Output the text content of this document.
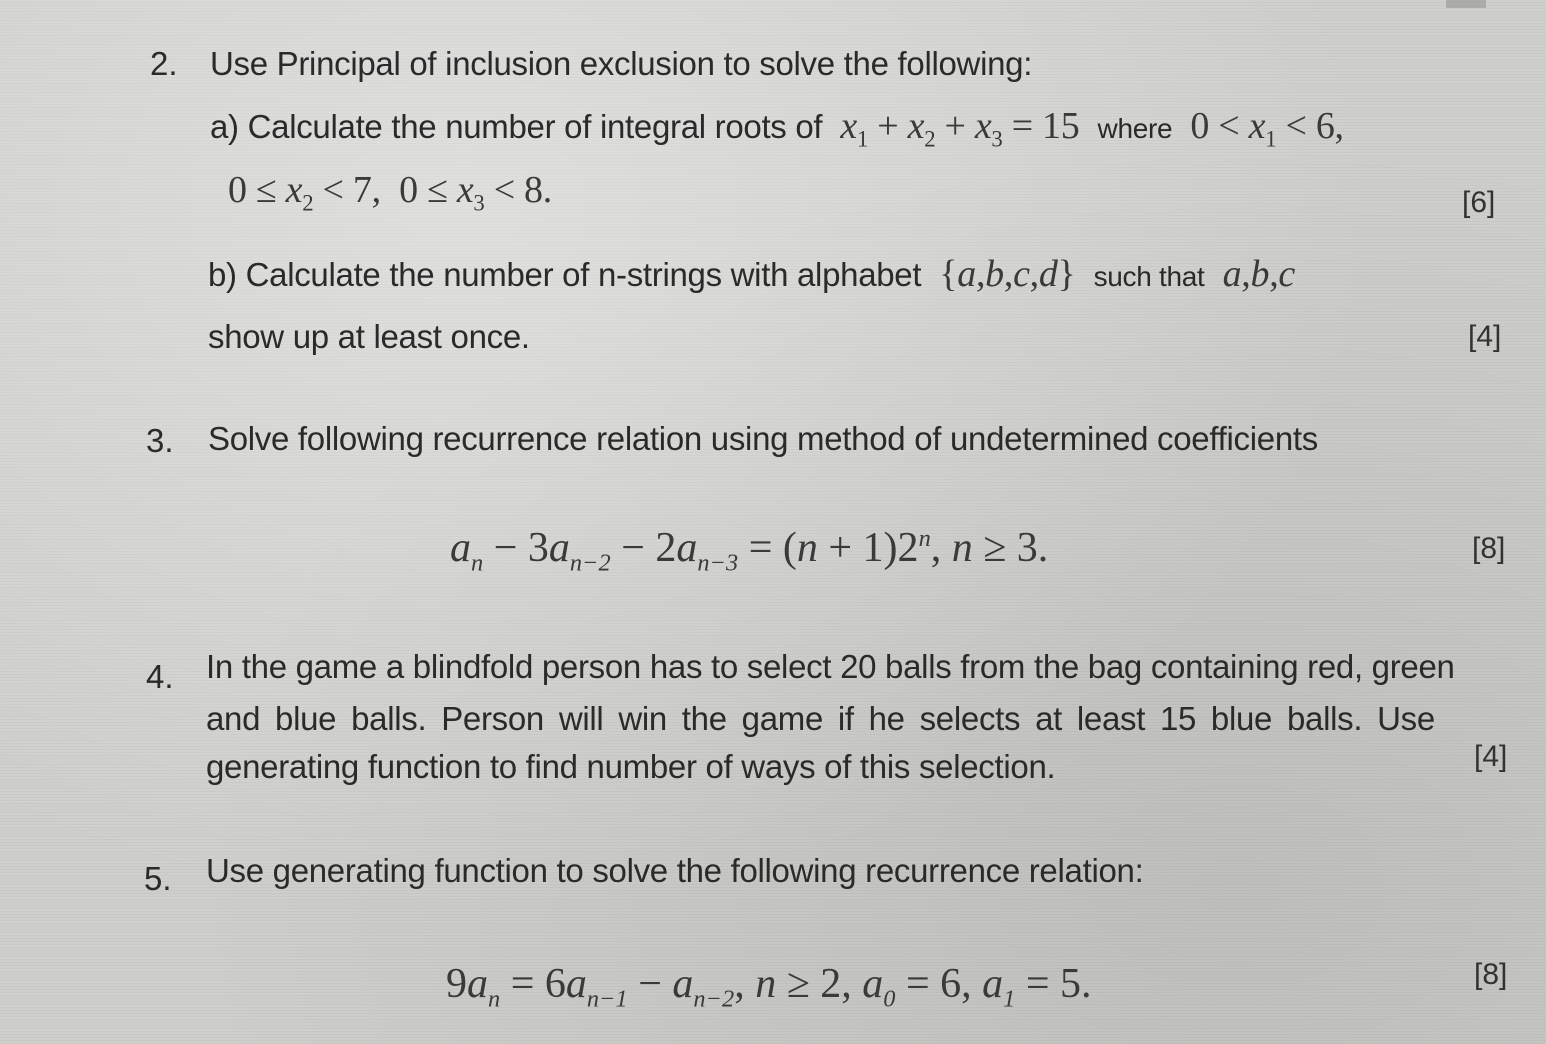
2. Use Principal of inclusion exclusion to solve the following:
a) Calculate the number of integral roots of $x_1 + x_2 + x_3 = 15$  where  $0 < x_1 < 6$,
$0 \le x_2 < 7$,  $0 \le x_3 < 8$.	[6]
b) Calculate the number of n-strings with alphabet  {a,b,c,d}  such that a,b,c
show up at least once.	[4]
3. Solve following recurrence relation using method of undetermined coefficients
$a_n - 3a_{n-2} - 2a_{n-3} = (n + 1)2^n$, n ≥ 3.	[8]
4. In the game a blindfold person has to select 20 balls from the bag containing red, green
and blue balls. Person will win the game if he selects at least 15 blue balls. Use
generating function to find number of ways of this selection.	[4]
5. Use generating function to solve the following recurrence relation:
$9a_n = 6a_{n-1} - a_{n-2}$, n ≥ 2, $a_0 = 6$, $a_1 = 5$.	[8]
